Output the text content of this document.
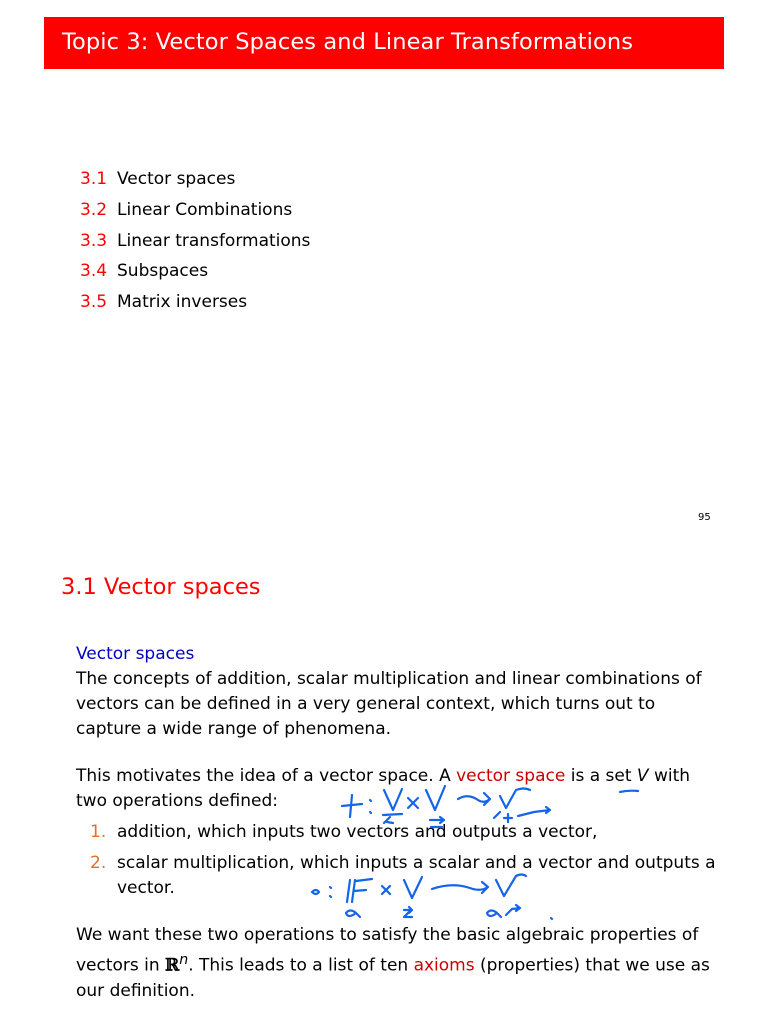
Topic 3: Vector Spaces and Linear Transformations
3.1 Vector spaces
3.2 Linear Combinations
3.3 Linear transformations
3.4 Subspaces
3.5 Matrix inverses
95
3.1 Vector spaces
Vector spaces

The concepts of addition, scalar multiplication and linear combinations of vectors can be defined in a very general context, which turns out to capture a wide range of phenomena.

This motivates the idea of a vector space. A vector space is a set V with two operations defined:

1. addition, which inputs two vectors and outputs a vector,
2. scalar multiplication, which inputs a scalar and a vector and outputs a vector.

We want these two operations to satisfy the basic algebraic properties of vectors in ℝ$^n$. This leads to a list of ten axioms (properties) that we use as our definition.
